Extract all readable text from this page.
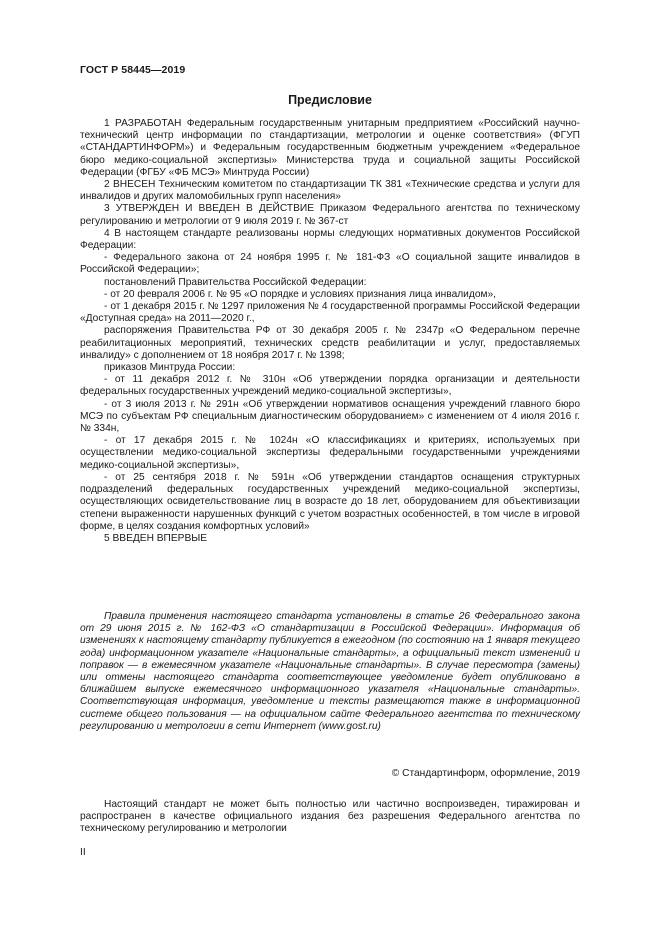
ГОСТ Р 58445—2019
Предисловие

1 РАЗРАБОТАН Федеральным государственным унитарным предприятием «Российский научно-технический центр информации по стандартизации, метрологии и оценке соответствия» (ФГУП «СТАНДАРТИНФОРМ») и Федеральным государственным бюджетным учреждением «Федеральное бюро медико-социальной экспертизы» Министерства труда и социальной защиты Российской Федерации (ФГБУ «ФБ МСЭ» Минтруда России)

2 ВНЕСЕН Техническим комитетом по стандартизации ТК 381 «Технические средства и услуги для инвалидов и других маломобильных групп населения»

3 УТВЕРЖДЕН И ВВЕДЕН В ДЕЙСТВИЕ Приказом Федерального агентства по техническому регулированию и метрологии от 9 июля 2019 г. № 367-ст

4 В настоящем стандарте реализованы нормы следующих нормативных документов Российской Федерации:

- Федерального закона от 24 ноября 1995 г. № 181-ФЗ «О социальной защите инвалидов в Российской Федерации»;

постановлений Правительства Российской Федерации:

- от 20 февраля 2006 г. № 95 «О порядке и условиях признания лица инвалидом»,

- от 1 декабря 2015 г. № 1297 приложения № 4 государственной программы Российской Федерации «Доступная среда» на 2011—2020 г.,

распоряжения Правительства РФ от 30 декабря 2005 г. № 2347р «О Федеральном перечне реабилитационных мероприятий, технических средств реабилитации и услуг, предоставляемых инвалиду» с дополнением от 18 ноября 2017 г. № 1398;

приказов Минтруда России:

- от 11 декабря 2012 г. № 310н «Об утверждении порядка организации и деятельности федеральных государственных учреждений медико-социальной экспертизы»,

- от 3 июля 2013 г. № 291н «Об утверждении нормативов оснащения учреждений главного бюро МСЭ по субъектам РФ специальным диагностическим оборудованием» с изменением от 4 июля 2016 г. № 334н,

- от 17 декабря 2015 г. № 1024н «О классификациях и критериях, используемых при осуществлении медико-социальной экспертизы федеральными государственными учреждениями медико-социальной экспертизы»,

- от 25 сентября 2018 г. № 591н «Об утверждении стандартов оснащения структурных подразделений федеральных государственных учреждений медико-социальной экспертизы, осуществляющих освидетельствование лиц в возрасте до 18 лет, оборудованием для объективизации степени выраженности нарушенных функций с учетом возрастных особенностей, в том числе в игровой форме, в целях создания комфортных условий»

5 ВВЕДЕН ВПЕРВЫЕ

Правила применения настоящего стандарта установлены в статье 26 Федерального закона от 29 июня 2015 г. № 162-ФЗ «О стандартизации в Российской Федерации». Информация об изменениях к настоящему стандарту публикуется в ежегодном (по состоянию на 1 января текущего года) информационном указателе «Национальные стандарты», а официальный текст изменений и поправок — в ежемесячном указателе «Национальные стандарты». В случае пересмотра (замены) или отмены настоящего стандарта соответствующее уведомление будет опубликовано в ближайшем выпуске ежемесячного информационного указателя «Национальные стандарты». Соответствующая информация, уведомление и тексты размещаются также в информационной системе общего пользования — на официальном сайте Федерального агентства по техническому регулированию и метрологии в сети Интернет (www.gost.ru)

© Стандартинформ, оформление, 2019

Настоящий стандарт не может быть полностью или частично воспроизведен, тиражирован и распространен в качестве официального издания без разрешения Федерального агентства по техническому регулированию и метрологии

II
